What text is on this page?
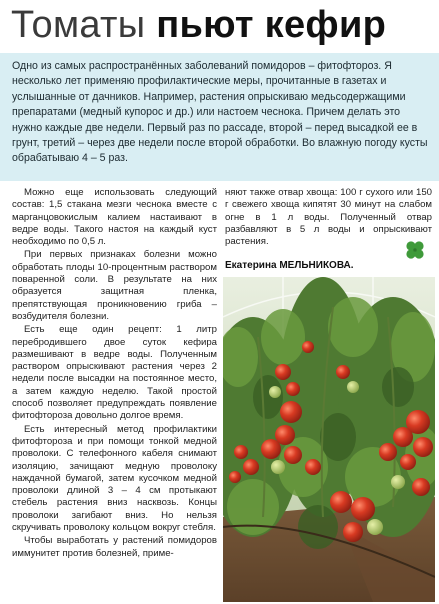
Томаты пьют кефир

Одно из самых распространённых заболеваний помидоров – фитофтороз. Я несколько лет применяю профилактические меры, прочитанные в газетах и услышанные от дачников. Например, растения опрыскиваю медьсодержащими препаратами (медный купорос и др.) или настоем чеснока. Причем делать это нужно каждые две недели. Первый раз по рассаде, второй – перед высадкой ее в грунт, третий – через две недели после второй обработки. Во влажную погоду кусты обрабатываю 4 – 5 раз.

Можно еще использовать следующий состав: 1,5 стакана мезги чеснока вместе с марганцовокислым калием настаивают в ведре воды. Такого настоя на каждый куст необходимо по 0,5 л.

При первых признаках болезни можно обработать плоды 10-процентным раствором поваренной соли. В результате на них образуется защитная пленка, препятствующая проникновению гриба – возбудителя болезни.

Есть еще один рецепт: 1 литр перебродившего двое суток кефира размешивают в ведре воды. Полученным раствором опрыскивают растения через 2 недели после высадки на постоянное место, а затем каждую неделю. Такой простой способ позволяет предупреждать появление фитофтороза довольно долгое время.

Есть интересный метод профилактики фитофтороза и при помощи тонкой медной проволоки. С телефонного кабеля снимают изоляцию, зачищают медную проволоку наждачной бумагой, затем кусочком медной проволоки длиной 3 – 4 см протыкают стебель растения вниз насквозь. Концы проволоки загибают вниз. Но нельзя скручивать проволоку кольцом вокруг стебля.

Чтобы выработать у растений помидоров иммунитет против болезней, приме-

няют также отвар хвоща: 100 г сухого или 150 г свежего хвоща кипятят 30 минут на слабом огне в 1 л воды. Полученный отвар разбавляют в 5 л воды и опрыскивают растения.
Екатерина МЕЛЬНИКОВА.
